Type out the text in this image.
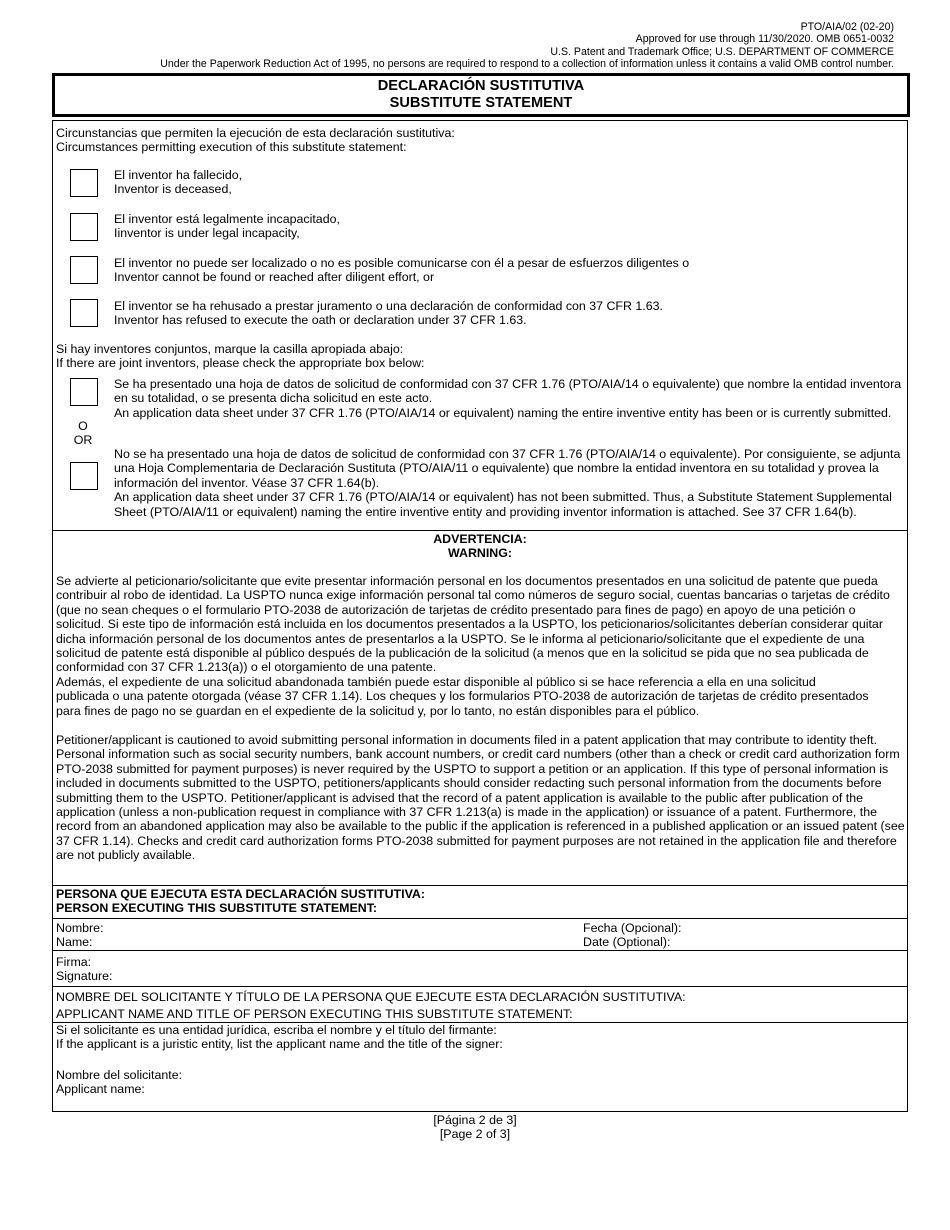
PTO/AIA/02 (02-20)
Approved for use through 11/30/2020. OMB 0651-0032
U.S. Patent and Trademark Office; U.S. DEPARTMENT OF COMMERCE
Under the Paperwork Reduction Act of 1995, no persons are required to respond to a collection of information unless it contains a valid OMB control number.
DECLARACIÓN SUSTITUTIVA
SUBSTITUTE STATEMENT
Circunstancias que permiten la ejecución de esta declaración sustitutiva:
Circumstances permitting execution of this substitute statement:
El inventor ha fallecido,
Inventor is deceased,
El inventor está legalmente incapacitado,
Iinventor is under legal incapacity,
El inventor no puede ser localizado o no es posible comunicarse con él a pesar de esfuerzos diligentes o
Inventor cannot be found or reached after diligent effort, or
El inventor se ha rehusado a prestar juramento o una declaración de conformidad con 37 CFR 1.63.
Inventor has refused to execute the oath or declaration under 37 CFR 1.63.
Si hay inventores conjuntos, marque la casilla apropiada abajo:
If there are joint inventors, please check the appropriate box below:
Se ha presentado una hoja de datos de solicitud de conformidad con 37 CFR 1.76 (PTO/AIA/14 o equivalente) que nombre la entidad inventora
en su totalidad, o se presenta dicha solicitud en este acto.
An application data sheet under 37 CFR 1.76 (PTO/AIA/14 or equivalent) naming the entire inventive entity has been or is currently submitted.
O
OR
No se ha presentado una hoja de datos de solicitud de conformidad con 37 CFR 1.76 (PTO/AIA/14 o equivalente). Por consiguiente, se adjunta
una Hoja Complementaria de Declaración Sustituta (PTO/AIA/11 o equivalente) que nombre la entidad inventora en su totalidad y provea la
información del inventor. Véase 37 CFR 1.64(b).
An application data sheet under 37 CFR 1.76 (PTO/AIA/14 or equivalent) has not been submitted. Thus, a Substitute Statement Supplemental
Sheet (PTO/AIA/11 or equivalent) naming the entire inventive entity and providing inventor information is attached. See 37 CFR 1.64(b).
ADVERTENCIA:
WARNING:
Se advierte al peticionario/solicitante que evite presentar información personal en los documentos presentados en una solicitud de patente que pueda
contribuir al robo de identidad. La USPTO nunca exige información personal tal como números de seguro social, cuentas bancarias o tarjetas de crédito
(que no sean cheques o el formulario PTO-2038 de autorización de tarjetas de crédito presentado para fines de pago) en apoyo de una petición o
solicitud. Si este tipo de información está incluida en los documentos presentados a la USPTO, los peticionarios/solicitantes deberían considerar quitar
dicha información personal de los documentos antes de presentarlos a la USPTO. Se le informa al peticionario/solicitante que el expediente de una
solicitud de patente está disponible al público después de la publicación de la solicitud (a menos que en la solicitud se pida que no sea publicada de
conformidad con 37 CFR 1.213(a)) o el otorgamiento de una patente.
Además, el expediente de una solicitud abandonada también puede estar disponible al público si se hace referencia a ella en una solicitud
publicada o una patente otorgada (véase 37 CFR 1.14). Los cheques y los formularios PTO-2038 de autorización de tarjetas de crédito presentados
para fines de pago no se guardan en el expediente de la solicitud y, por lo tanto, no están disponibles para el público.
Petitioner/applicant is cautioned to avoid submitting personal information in documents filed in a patent application that may contribute to identity theft.
Personal information such as social security numbers, bank account numbers, or credit card numbers (other than a check or credit card authorization form
PTO-2038 submitted for payment purposes) is never required by the USPTO to support a petition or an application. If this type of personal information is
included in documents submitted to the USPTO, petitioners/applicants should consider redacting such personal information from the documents before
submitting them to the USPTO. Petitioner/applicant is advised that the record of a patent application is available to the public after publication of the
application (unless a non-publication request in compliance with 37 CFR 1.213(a) is made in the application) or issuance of a patent. Furthermore, the
record from an abandoned application may also be available to the public if the application is referenced in a published application or an issued patent (see
37 CFR 1.14). Checks and credit card authorization forms PTO-2038 submitted for payment purposes are not retained in the application file and therefore
are not publicly available.
PERSONA QUE EJECUTA ESTA DECLARACIÓN SUSTITUTIVA:
PERSON EXECUTING THIS SUBSTITUTE STATEMENT:
Nombre:
Name:
Fecha (Opcional):
Date (Optional):
Firma:
Signature:
NOMBRE DEL SOLICITANTE Y TÍTULO DE LA PERSONA QUE EJECUTE ESTA DECLARACIÓN SUSTITUTIVA:
APPLICANT NAME AND TITLE OF PERSON EXECUTING THIS SUBSTITUTE STATEMENT:
Si el solicitante es una entidad jurídica, escriba el nombre y el título del firmante:
If the applicant is a juristic entity, list the applicant name and the title of the signer:
Nombre del solicitante:
Applicant name:
[Página 2 de 3]
[Page 2 of 3]
